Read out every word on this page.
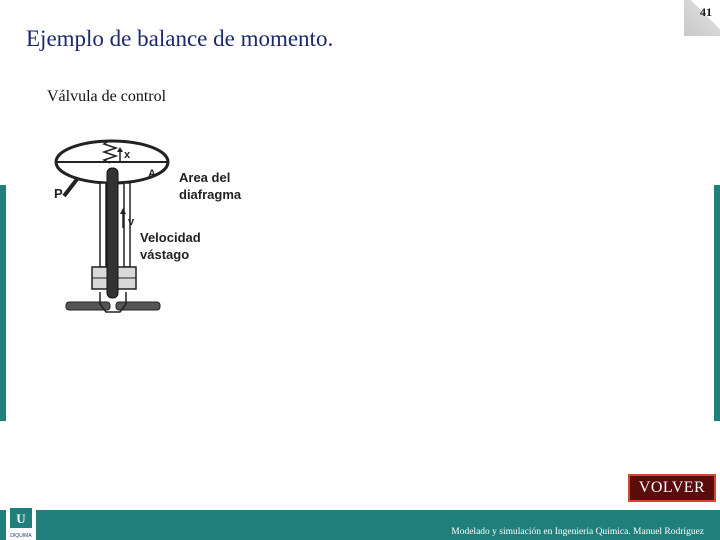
41
Ejemplo de balance de momento.
Válvula de control
x
A
P
v
Area del
diafragma
Velocidad
vástago
VOLVER
Modelado y simulación en Ingeniería Química. Manuel Rodríguez
U
DIQUIMA
